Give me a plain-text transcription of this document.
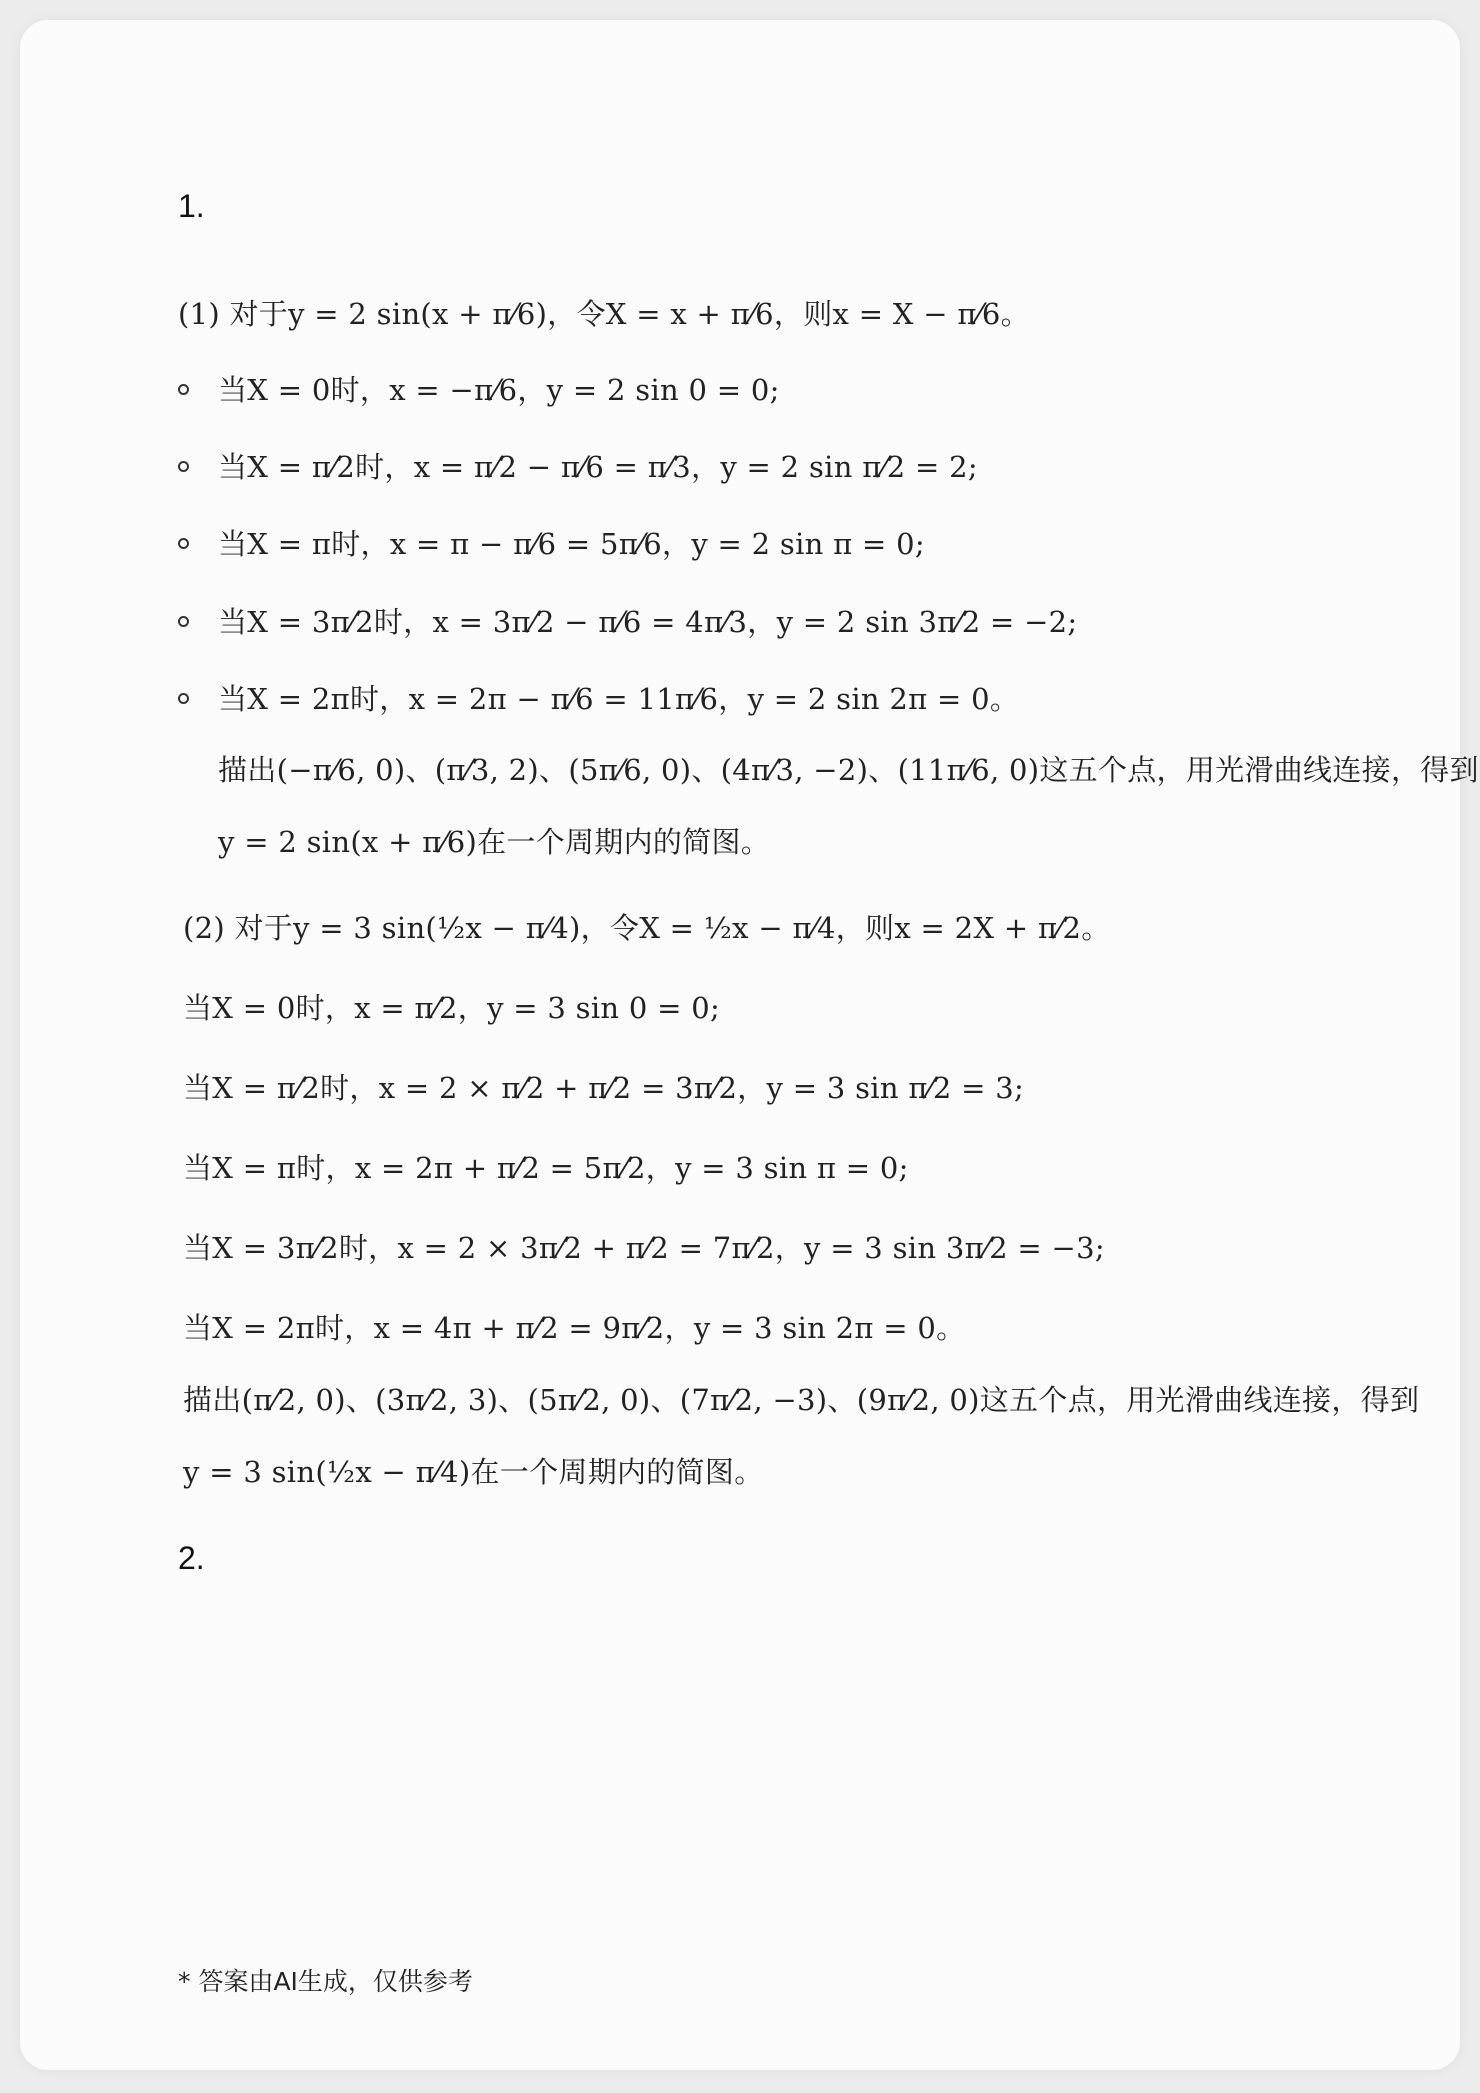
1.
(1) 对于y = 2 sin(x + π⁄6)，令X = x + π⁄6，则x = X − π⁄6。
当X = 0时，x = −π⁄6，y = 2 sin 0 = 0;
当X = π⁄2时，x = π⁄2 − π⁄6 = π⁄3，y = 2 sin π⁄2 = 2;
当X = π时，x = π − π⁄6 = 5π⁄6，y = 2 sin π = 0;
当X = 3π⁄2时，x = 3π⁄2 − π⁄6 = 4π⁄3，y = 2 sin 3π⁄2 = −2;
当X = 2π时，x = 2π − π⁄6 = 11π⁄6，y = 2 sin 2π = 0。
描出(−π⁄6, 0)、(π⁄3, 2)、(5π⁄6, 0)、(4π⁄3, −2)、(11π⁄6, 0)这五个点，用光滑曲线连接，得到
y = 2 sin(x + π⁄6)在一个周期内的简图。
(2) 对于y = 3 sin(½x − π⁄4)，令X = ½x − π⁄4，则x = 2X + π⁄2。
当X = 0时，x = π⁄2，y = 3 sin 0 = 0;
当X = π⁄2时，x = 2 × π⁄2 + π⁄2 = 3π⁄2，y = 3 sin π⁄2 = 3;
当X = π时，x = 2π + π⁄2 = 5π⁄2，y = 3 sin π = 0;
当X = 3π⁄2时，x = 2 × 3π⁄2 + π⁄2 = 7π⁄2，y = 3 sin 3π⁄2 = −3;
当X = 2π时，x = 4π + π⁄2 = 9π⁄2，y = 3 sin 2π = 0。
描出(π⁄2, 0)、(3π⁄2, 3)、(5π⁄2, 0)、(7π⁄2, −3)、(9π⁄2, 0)这五个点，用光滑曲线连接，得到
y = 3 sin(½x − π⁄4)在一个周期内的简图。
2.
* 答案由AI生成，仅供参考
